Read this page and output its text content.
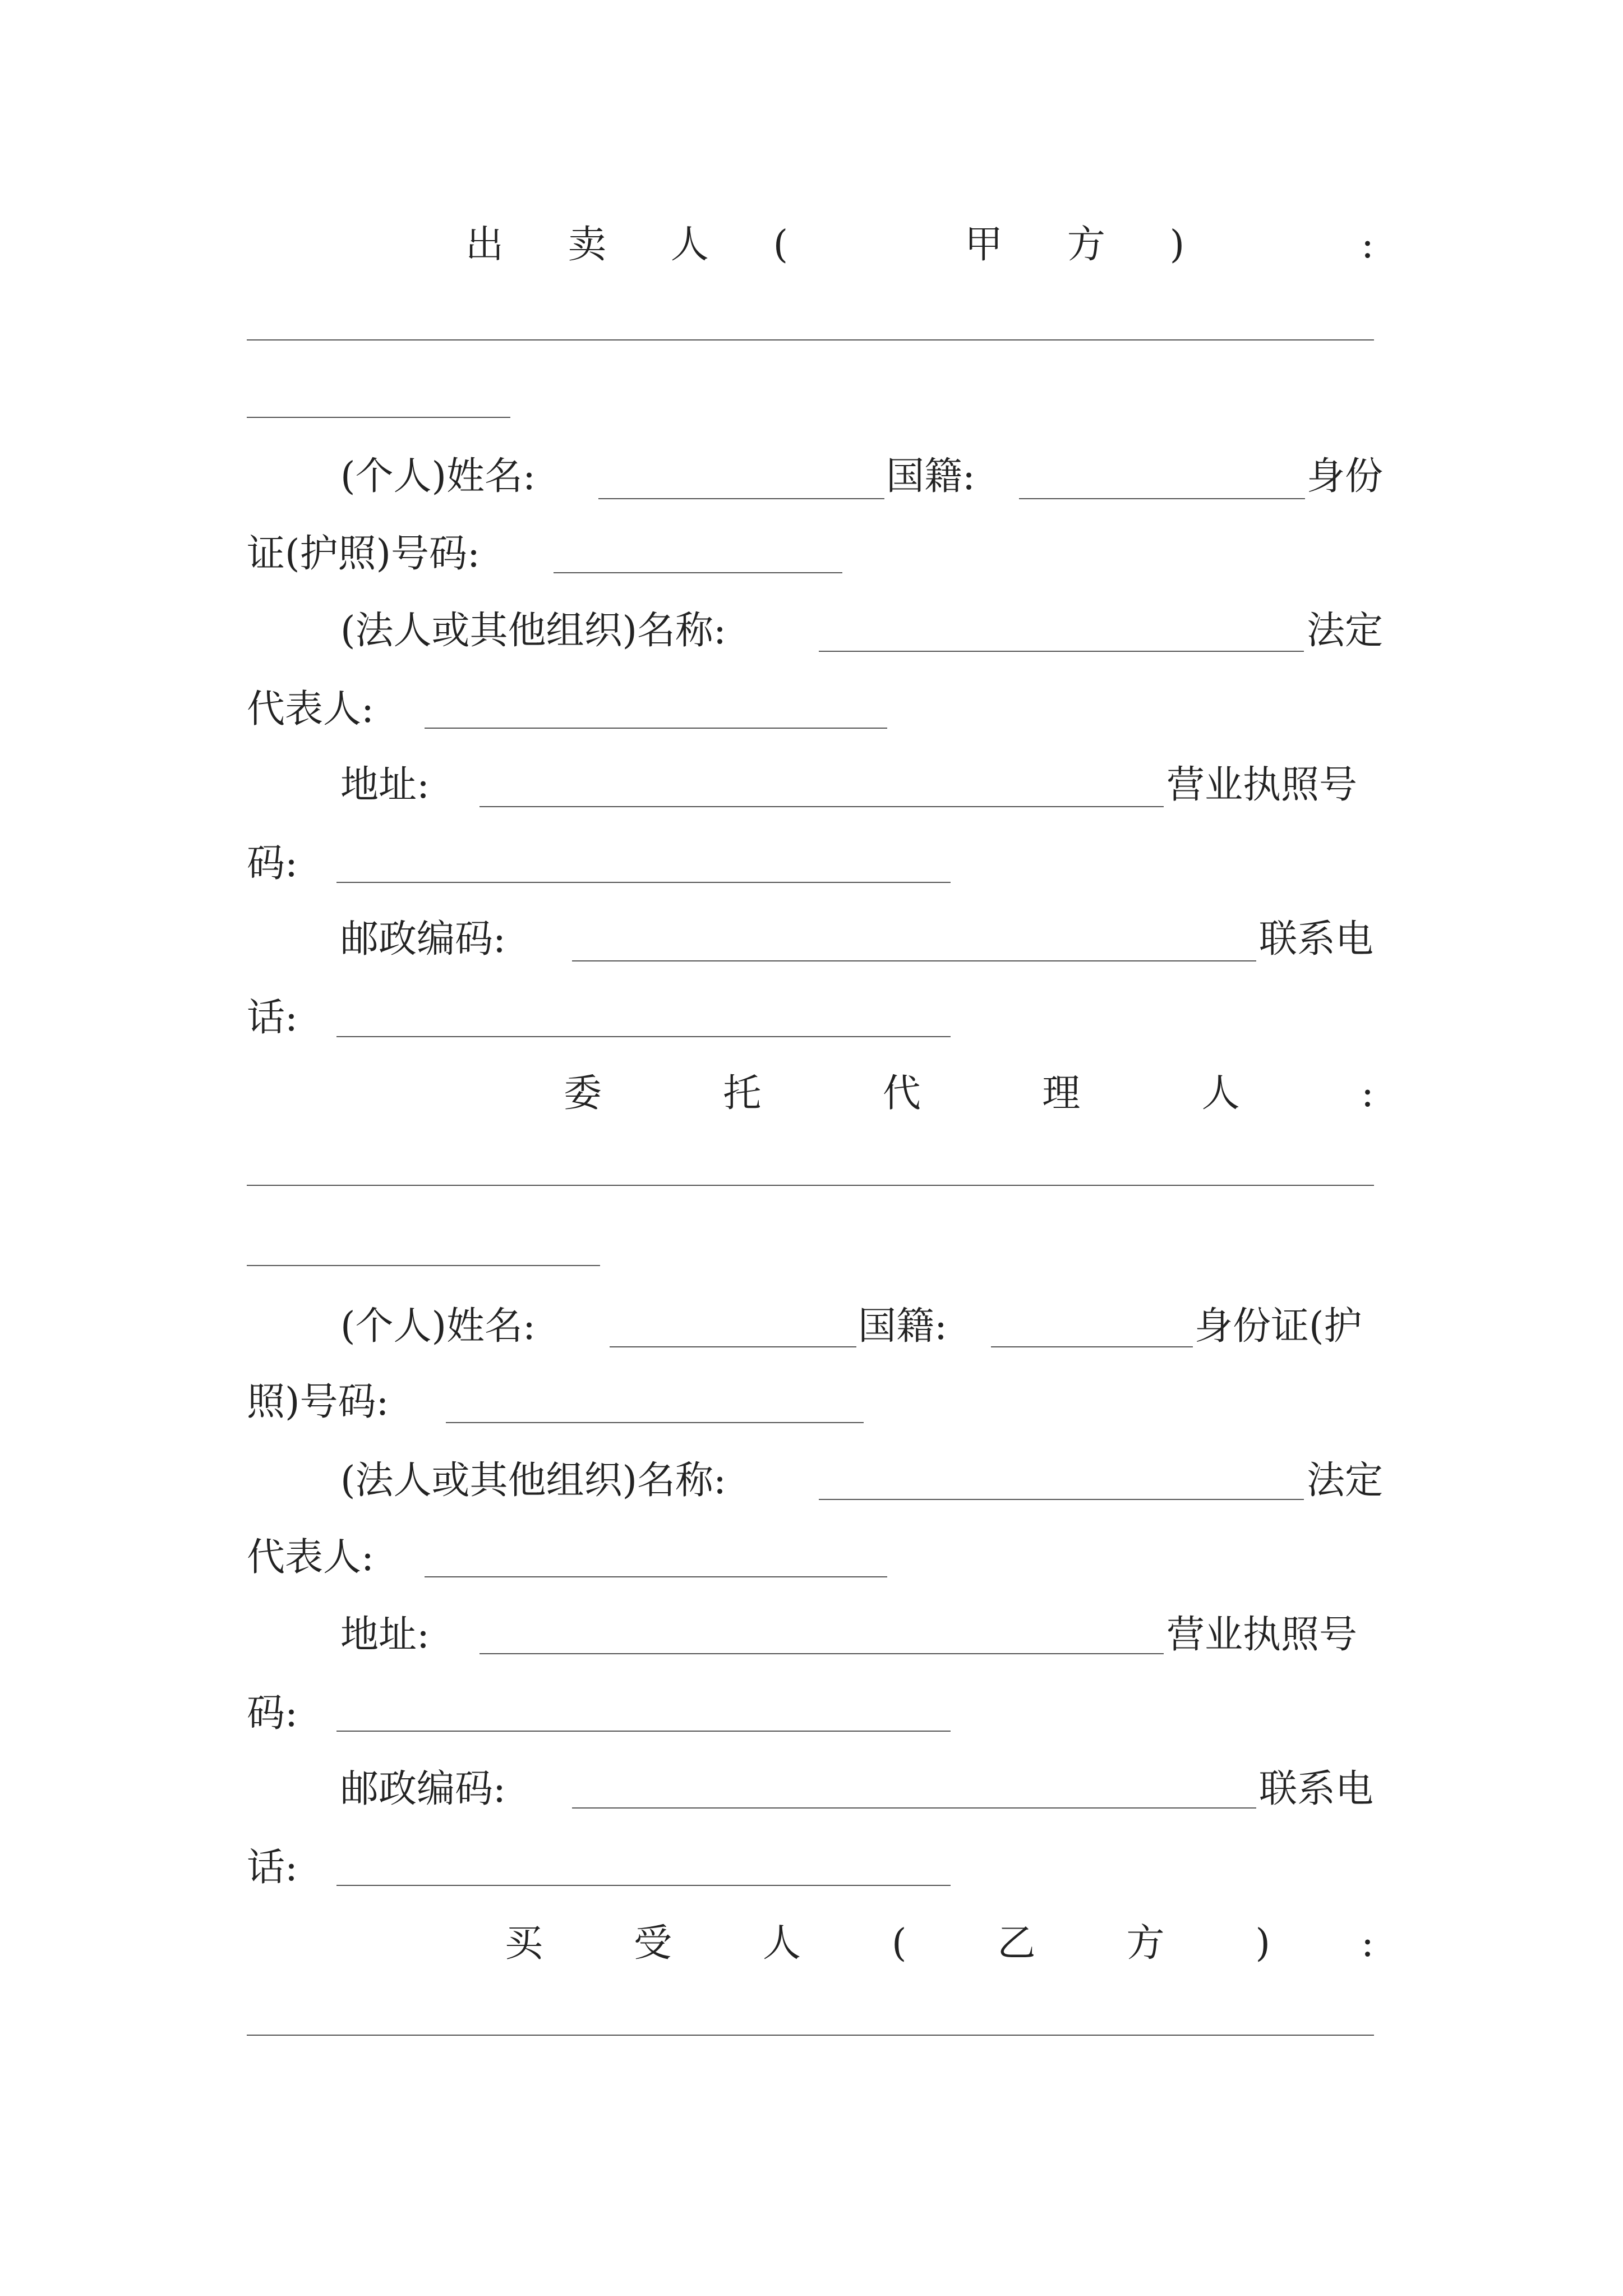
出 卖 人 (	甲 方 )	:
(个人)姓名:	国籍:	身份
证(护照)号码:
(法人或其他组织)名称:	法定
代表人:
地址:	营业执照号
码:
邮政编码:	联系电
话:
委	托	代	理	人	:
(个人)姓名:	国籍:	身份证(护
照)号码:
(法人或其他组织)名称:	法定
代表人:
地址:	营业执照号
码:
邮政编码:	联系电
话:
买 受 人 ( 乙 方 ) :
